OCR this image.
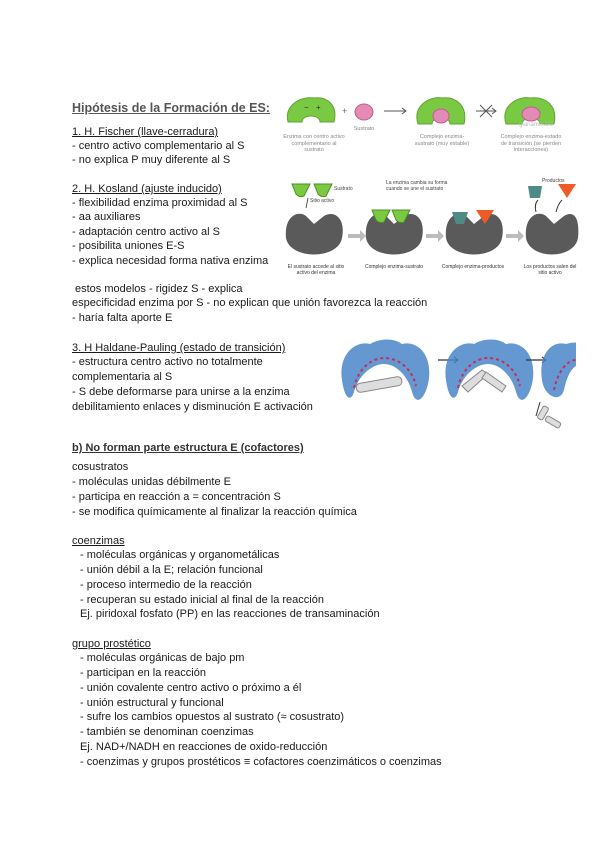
Hipótesis de la Formación de ES:
1. H. Fischer (llave-cerradura)
- centro activo complementario al S
- no explica P muy diferente al S
2. H. Kosland (ajuste inducido)
- flexibilidad enzima proximidad al S
- aa auxiliares
- adaptación centro activo al S
- posibilita uniones E-S
- explica necesidad forma nativa enzima
estos modelos - rigidez S - explica
especificidad enzima por S - no explican que unión favorezca la reacción
- haría falta aporte E
3. H Haldane-Pauling (estado de transición)
- estructura centro activo no totalmente
complementaria al S
- S debe deformarse para unirse a la enzima
debilitamiento enlaces y disminución E activación
b) No forman parte estructura E (cofactores)
cosustratos
- moléculas unidas débilmente E
- participa en reacción a = concentración S
- se modifica químicamente al finalizar la reacción química
coenzimas
- moléculas orgánicas y organometálicas
- unión débil a la E; relación funcional
- proceso intermedio de la reacción
- recuperan su estado inicial al final de la reacción
Ej. piridoxal fosfato (PP) en las reacciones de transaminación
grupo prostético
- moléculas orgánicas de bajo pm
- participan en la reacción
- unión covalente centro activo o próximo a él
- unión estructural y funcional
- sufre los cambios opuestos al sustrato (≈ cosustrato)
- también se denominan coenzimas
Ej. NAD+/NADH en reacciones de oxido-reducción
- coenzimas y grupos prostéticos ≡ cofactores coenzimáticos o coenzimas
− + +
Enzima con centro activo complementario al sustrato
Sustrato
Complejo enzima-sustrato (muy estable)
Complejo enzima-estado de transición (se pierden interacciones)
gianamescio
Sustrato
Sitio activo
La enzima cambia su forma cuando se une el sustrato
Productos
El sustrato accede al sitio activo del enzima
Complejo enzima-sustrato	Complejo enzima-productos	Los productos salen del sitio activo
